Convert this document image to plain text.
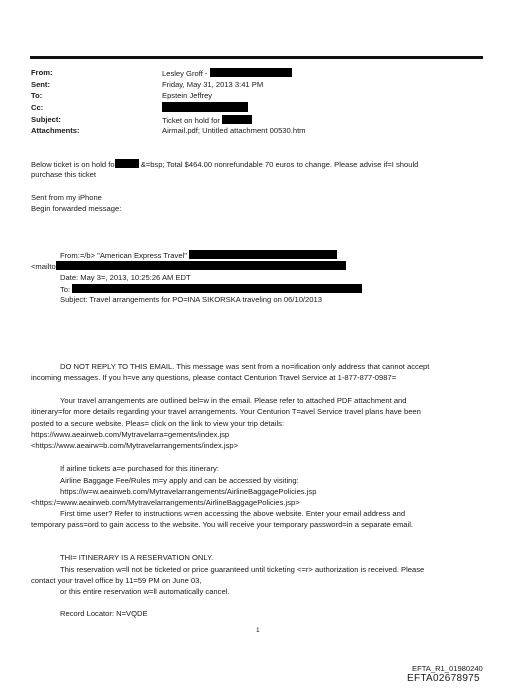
From:	Lesley Groff -
Sent:	Friday, May 31, 2013 3:41 PM
To:	Epstein Jeffrey
Cc:
Subject:	Ticket on hold for
Attachments:	Airmail.pdf; Untitled attachment 00530.htm
Below ticket is on hold fo	&=bsp; Total $464.00 nonrefundable 70 euros to change. Please advise if=I should
purchase this ticket
Sent from my iPhone
Begin forwarded message:
From:=/b> "American Express Travel"
<mailto
Date: May 3=, 2013, 10:25:26 AM EDT
To:
Subject: Travel arrangements for PO=INA SIKORSKA traveling on 06/10/2013
DO NOT REPLY TO THIS EMAIL. This message was sent from a no=ification only address that cannot accept
incoming messages. If you h=ve any questions, please contact Centurion Travel Service at 1-877-877-0987=
Your travel arrangements are outlined bel=w in the email. Please refer to attached PDF attachment and
itinerary=for more details regarding your travel arrangements. Your Centurion T=avel Service travel plans have been
posted to a secure website. Pleas= click on the link to view your trip details:
https://www.aeairweb.com/Mytravelarra=gements/index.jsp
<https://www.aeairw=b.com/Mytravelarrangements/index.jsp>
If airline tickets a=e purchased for this itinerary:
Airline Baggage Fee/Rules m=y apply and can be accessed by visiting:
https://w=w.aeairweb.com/Mytravelarrangements/AirlineBaggagePolicies.jsp
<https:/=www.aeairweb.com/Mytravelarrangements/AirlineBaggagePolicies.jsp>
First time user? Refer to instructions w=en accessing the above website. Enter your email address and
temporary pass=ord to gain access to the website. You will receive your temporary password=in a separate email.
THI= ITINERARY IS A RESERVATION ONLY.
This reservation w=ll not be ticketed or price guaranteed until ticketing <=r> authorization is received. Please
contact your travel office by 11=59 PM on June 03,
or this entire reservation w=ll automatically cancel.
Record Locator: N=VQDE
1
EFTA_R1_01980240
EFTA02678975
